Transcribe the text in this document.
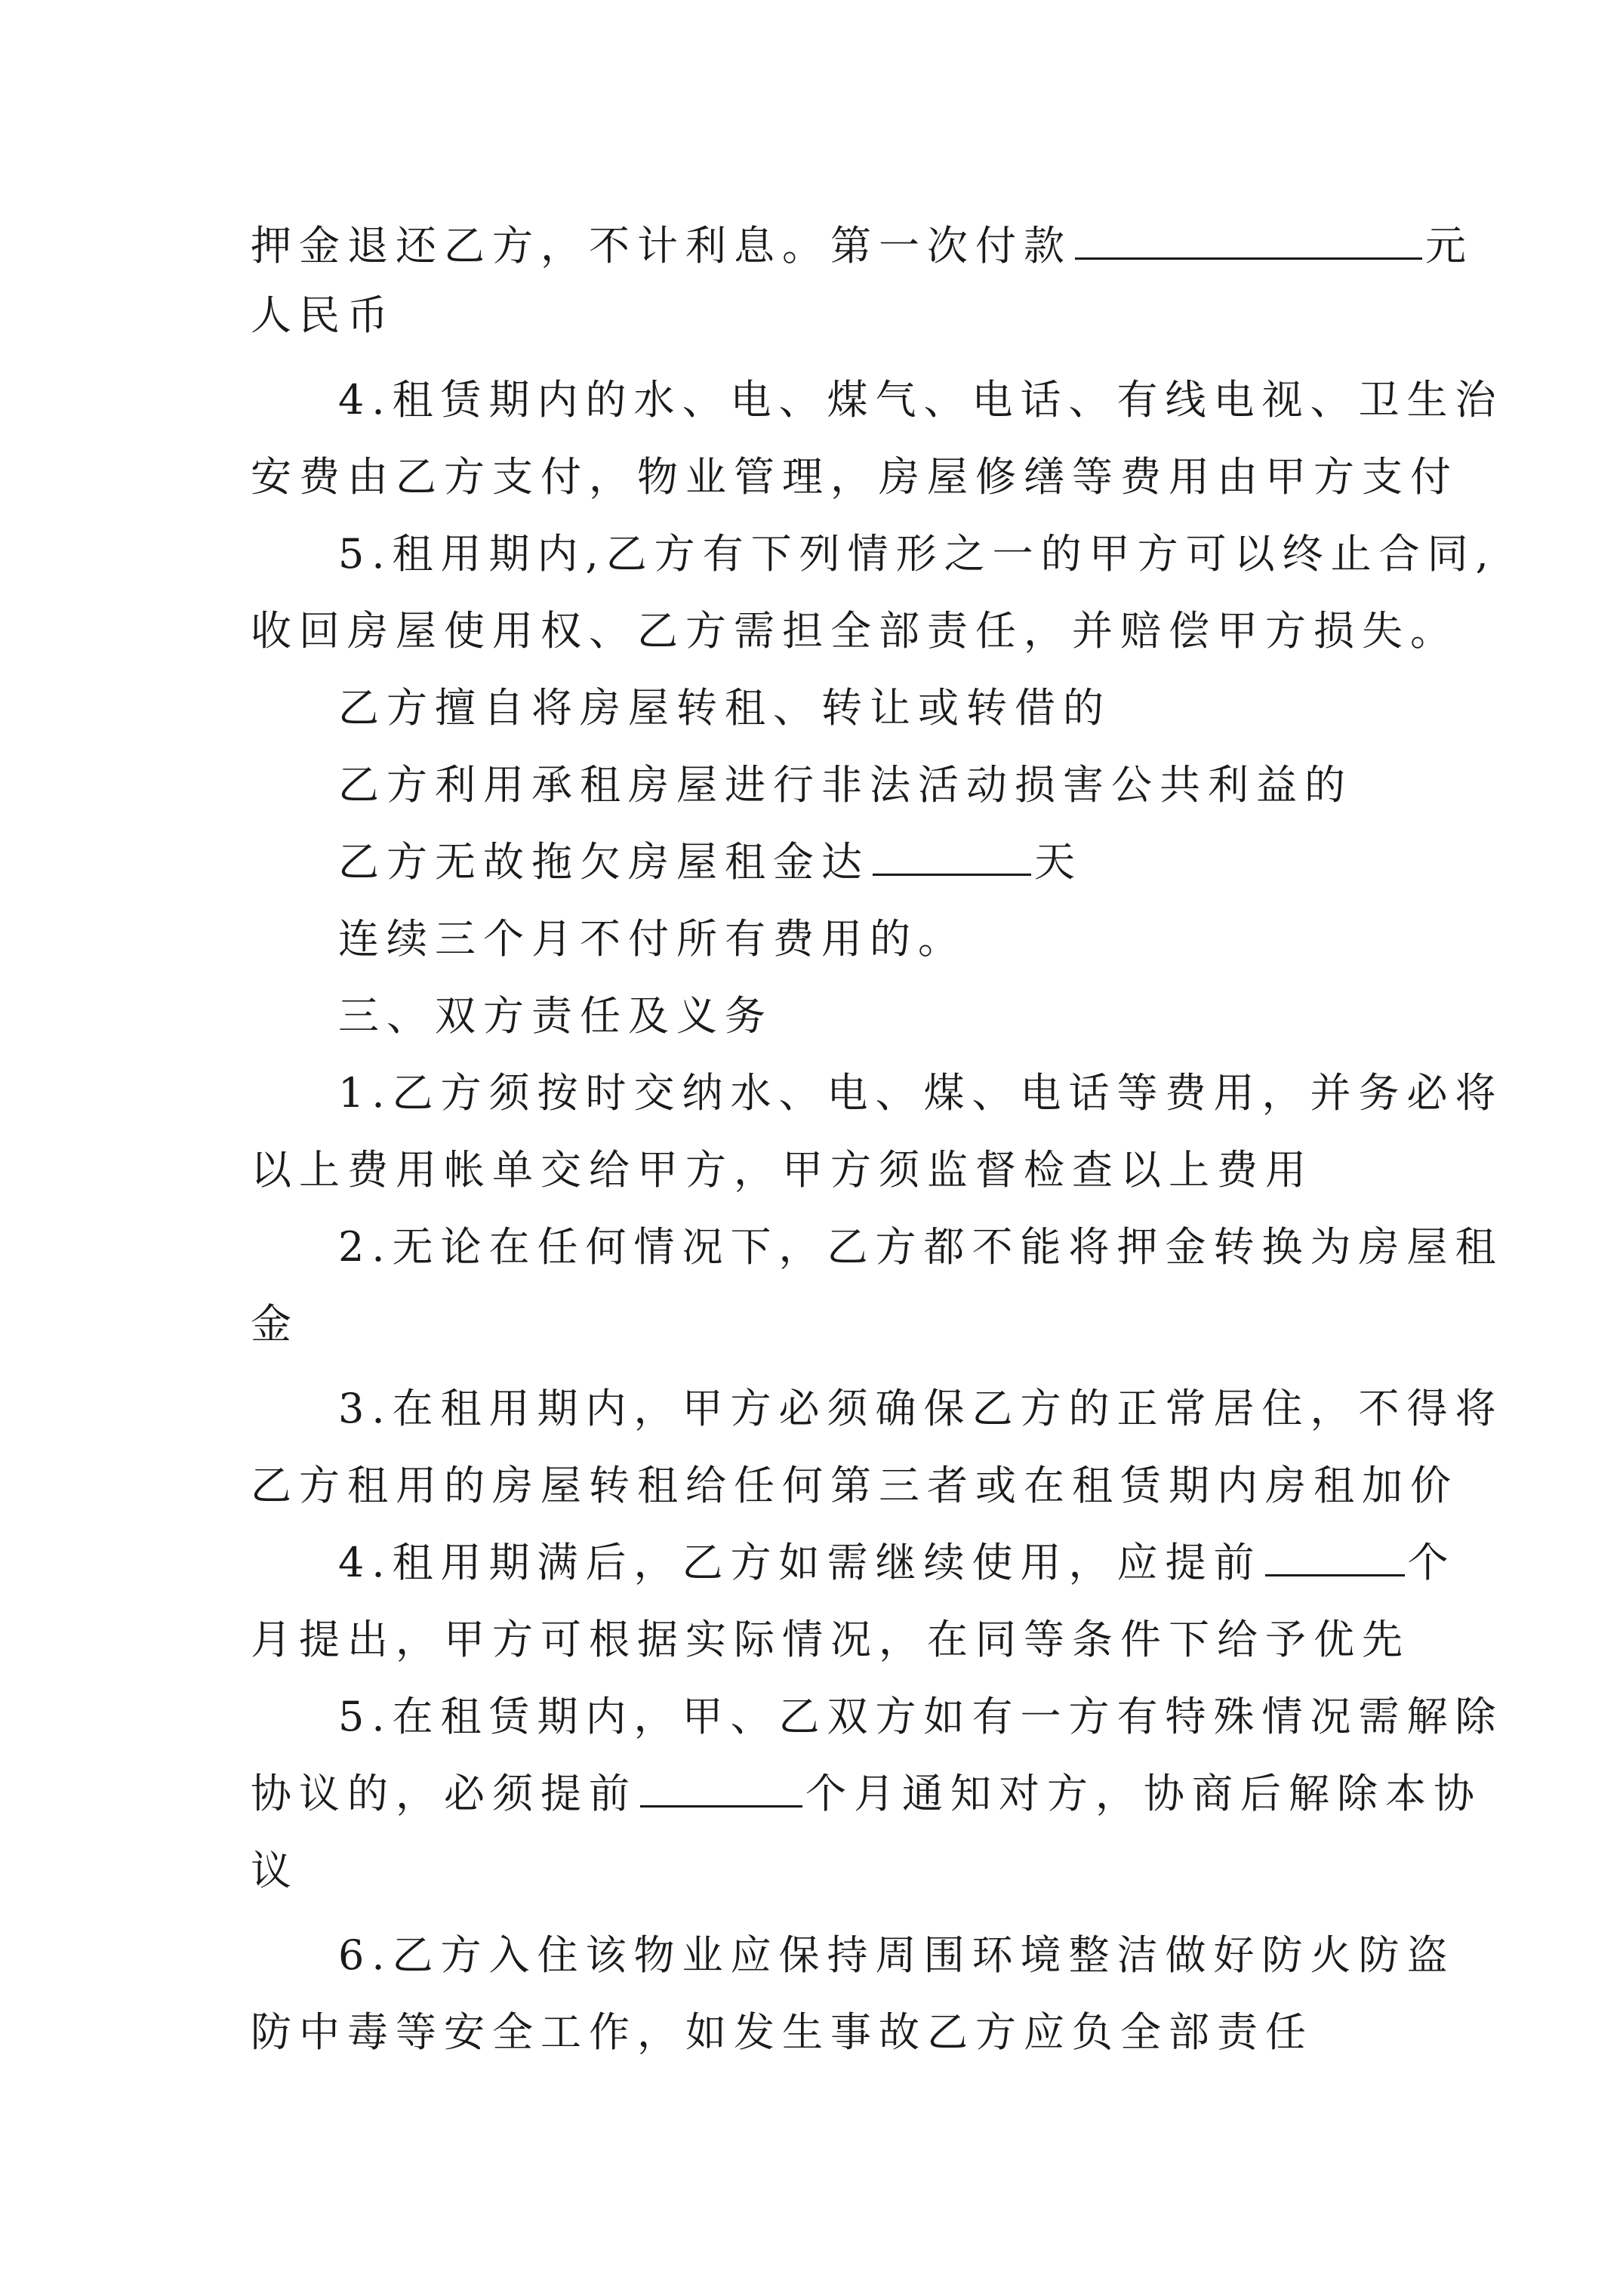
押金退还乙方，不计利息。第一次付款	元
人民币
4.租赁期内的水、电、煤气、电话、有线电视、卫生治
安费由乙方支付，物业管理，房屋修缮等费用由甲方支付
5.租用期内,乙方有下列情形之一的甲方可以终止合同,
收回房屋使用权、乙方需担全部责任，并赔偿甲方损失。
乙方擅自将房屋转租、转让或转借的
乙方利用承租房屋进行非法活动损害公共利益的
乙方无故拖欠房屋租金达	天
连续三个月不付所有费用的。
三、双方责任及义务
1.乙方须按时交纳水、电、煤、电话等费用，并务必将
以上费用帐单交给甲方，甲方须监督检查以上费用
2.无论在任何情况下，乙方都不能将押金转换为房屋租
金
3.在租用期内，甲方必须确保乙方的正常居住，不得将
乙方租用的房屋转租给任何第三者或在租赁期内房租加价
4.租用期满后，乙方如需继续使用，应提前	个
月提出，甲方可根据实际情况，在同等条件下给予优先
5.在租赁期内，甲、乙双方如有一方有特殊情况需解除
协议的，必须提前	个月通知对方，协商后解除本协
议
6.乙方入住该物业应保持周围环境整洁做好防火防盗
防中毒等安全工作，如发生事故乙方应负全部责任
